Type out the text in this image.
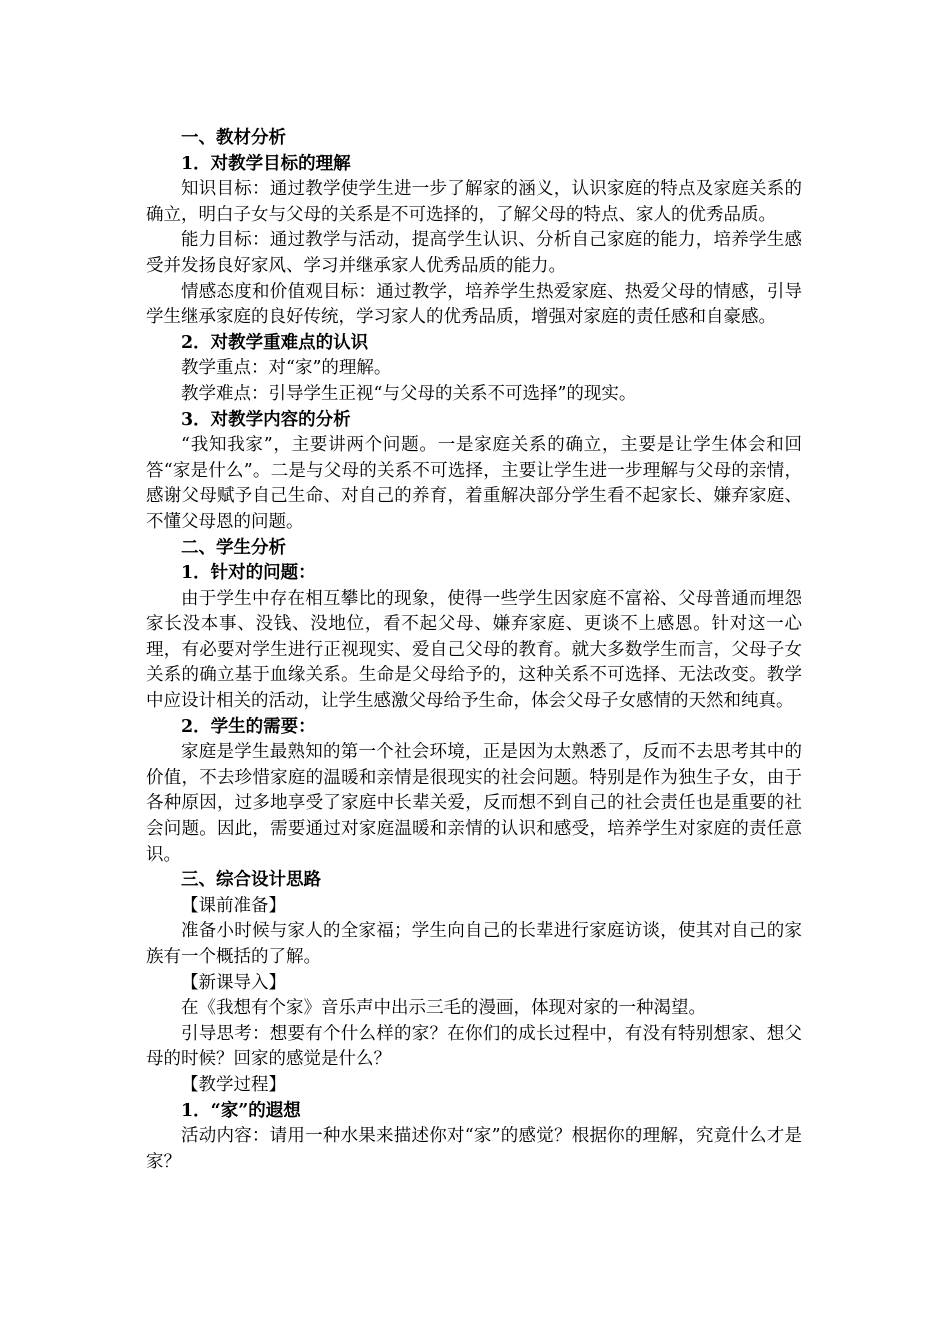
一、教材分析

1．对教学目标的理解

知识目标：通过教学使学生进一步了解家的涵义，认识家庭的特点及家庭关系的确立，明白子女与父母的关系是不可选择的，了解父母的特点、家人的优秀品质。

能力目标：通过教学与活动，提高学生认识、分析自己家庭的能力，培养学生感受并发扬良好家风、学习并继承家人优秀品质的能力。

情感态度和价值观目标：通过教学，培养学生热爱家庭、热爱父母的情感，引导学生继承家庭的良好传统，学习家人的优秀品质，增强对家庭的责任感和自豪感。

2．对教学重难点的认识

教学重点：对“家”的理解。

教学难点：引导学生正视“与父母的关系不可选择”的现实。

3．对教学内容的分析

“我知我家”，主要讲两个问题。一是家庭关系的确立，主要是让学生体会和回答“家是什么”。二是与父母的关系不可选择，主要让学生进一步理解与父母的亲情，感谢父母赋予自己生命、对自己的养育，着重解决部分学生看不起家长、嫌弃家庭、不懂父母恩的问题。

二、学生分析

1．针对的问题：

由于学生中存在相互攀比的现象，使得一些学生因家庭不富裕、父母普通而埋怨家长没本事、没钱、没地位，看不起父母、嫌弃家庭、更谈不上感恩。针对这一心理，有必要对学生进行正视现实、爱自己父母的教育。就大多数学生而言，父母子女关系的确立基于血缘关系。生命是父母给予的，这种关系不可选择、无法改变。教学中应设计相关的活动，让学生感激父母给予生命，体会父母子女感情的天然和纯真。

2．学生的需要：

家庭是学生最熟知的第一个社会环境，正是因为太熟悉了，反而不去思考其中的价值，不去珍惜家庭的温暖和亲情是很现实的社会问题。特别是作为独生子女，由于各种原因，过多地享受了家庭中长辈关爱，反而想不到自己的社会责任也是重要的社会问题。因此，需要通过对家庭温暖和亲情的认识和感受，培养学生对家庭的责任意识。

三、综合设计思路

【课前准备】

准备小时候与家人的全家福；学生向自己的长辈进行家庭访谈，使其对自己的家族有一个概括的了解。

【新课导入】

在《我想有个家》音乐声中出示三毛的漫画，体现对家的一种渴望。

引导思考：想要有个什么样的家？在你们的成长过程中，有没有特别想家、想父母的时候？回家的感觉是什么？

【教学过程】

1．“家”的遐想

活动内容：请用一种水果来描述你对“家”的感觉？根据你的理解，究竟什么才是家？
